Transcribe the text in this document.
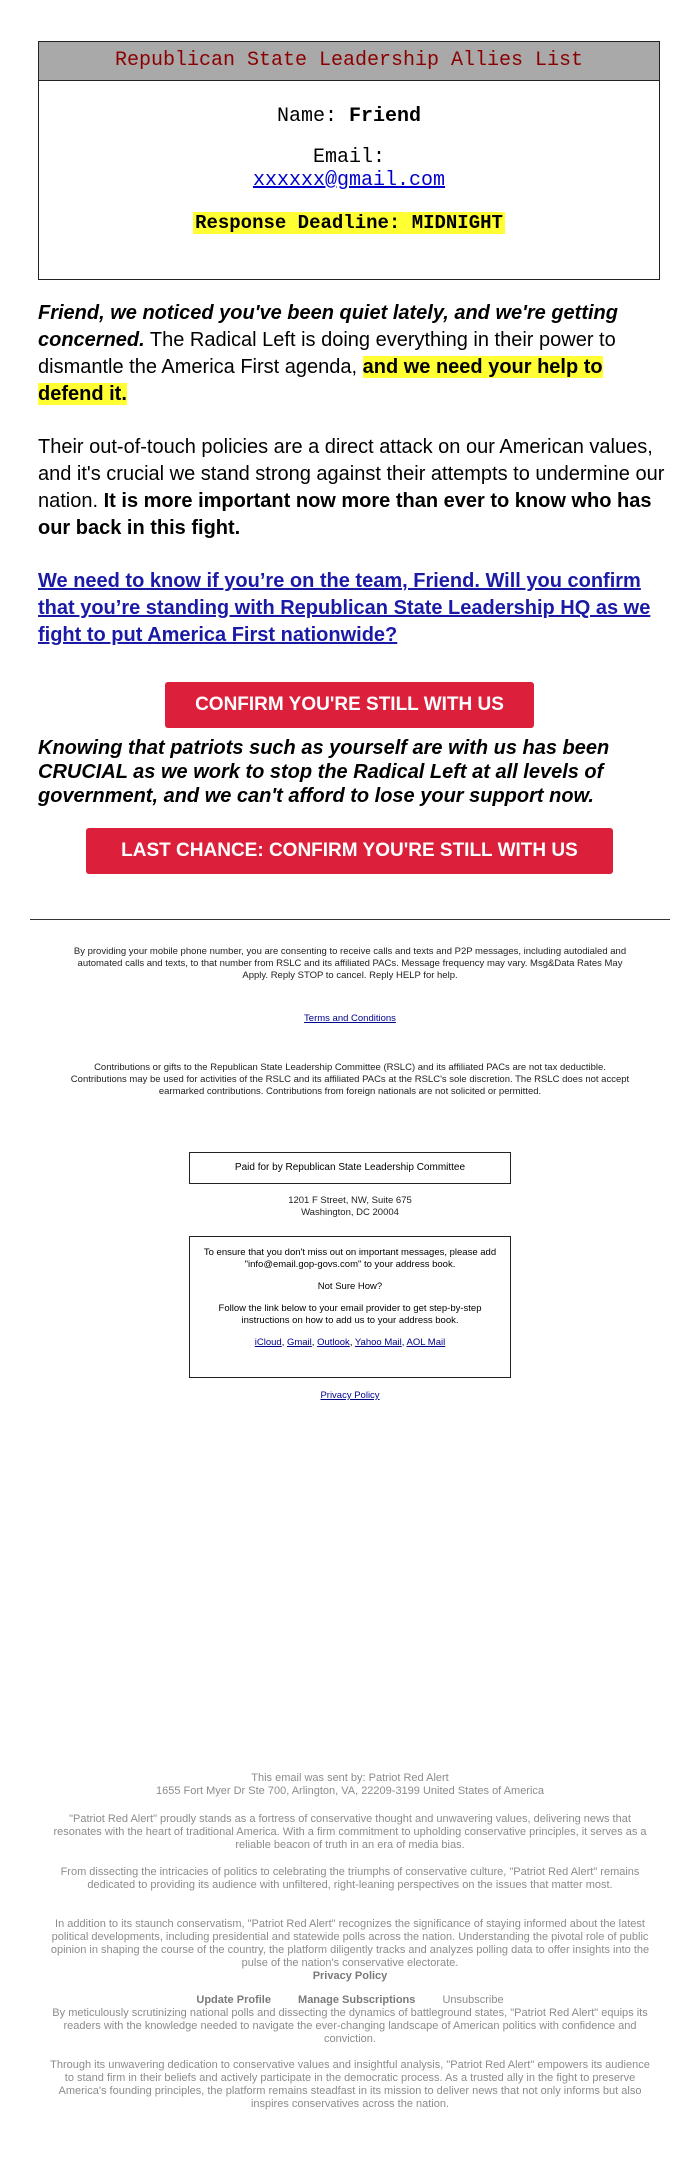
Republican State Leadership Allies List
Name: Friend
Email:
xxxxxx@gmail.com
Response Deadline: MIDNIGHT
Friend, we noticed you've been quiet lately, and we're getting concerned. The Radical Left is doing everything in their power to dismantle the America First agenda, and we need your help to defend it.
Their out-of-touch policies are a direct attack on our American values, and it's crucial we stand strong against their attempts to undermine our nation. It is more important now more than ever to know who has our back in this fight.
We need to know if you’re on the team, Friend. Will you confirm that you’re standing with Republican State Leadership HQ as we fight to put America First nationwide?
CONFIRM YOU'RE STILL WITH US
Knowing that patriots such as yourself are with us has been CRUCIAL as we work to stop the Radical Left at all levels of government, and we can't afford to lose your support now.
LAST CHANCE: CONFIRM YOU'RE STILL WITH US
By providing your mobile phone number, you are consenting to receive calls and texts and P2P messages, including autodialed and automated calls and texts, to that number from RSLC and its affiliated PACs. Message frequency may vary. Msg&Data Rates May Apply. Reply STOP to cancel. Reply HELP for help.
Terms and Conditions
Contributions or gifts to the Republican State Leadership Committee (RSLC) and its affiliated PACs are not tax deductible. Contributions may be used for activities of the RSLC and its affiliated PACs at the RSLC's sole discretion. The RSLC does not accept earmarked contributions. Contributions from foreign nationals are not solicited or permitted.
Paid for by Republican State Leadership Committee
1201 F Street, NW, Suite 675
Washington, DC 20004
To ensure that you don't miss out on important messages, please add "info@email.gop-govs.com" to your address book.
Not Sure How?
Follow the link below to your email provider to get step-by-step instructions on how to add us to your address book.
iCloud, Gmail, Outlook, Yahoo Mail, AOL Mail
Privacy Policy
This email was sent by: Patriot Red Alert
1655 Fort Myer Dr Ste 700, Arlington, VA, 22209-3199 United States of America
"Patriot Red Alert" proudly stands as a fortress of conservative thought and unwavering values, delivering news that resonates with the heart of traditional America. With a firm commitment to upholding conservative principles, it serves as a reliable beacon of truth in an era of media bias.
From dissecting the intricacies of politics to celebrating the triumphs of conservative culture, "Patriot Red Alert" remains dedicated to providing its audience with unfiltered, right-leaning perspectives on the issues that matter most.
In addition to its staunch conservatism, "Patriot Red Alert" recognizes the significance of staying informed about the latest political developments, including presidential and statewide polls across the nation. Understanding the pivotal role of public opinion in shaping the course of the country, the platform diligently tracks and analyzes polling data to offer insights into the pulse of the nation's conservative electorate.
Privacy Policy
Update Profile Manage Subscriptions Unsubscribe
By meticulously scrutinizing national polls and dissecting the dynamics of battleground states, "Patriot Red Alert" equips its readers with the knowledge needed to navigate the ever-changing landscape of American politics with confidence and conviction.
Through its unwavering dedication to conservative values and insightful analysis, "Patriot Red Alert" empowers its audience to stand firm in their beliefs and actively participate in the democratic process. As a trusted ally in the fight to preserve America's founding principles, the platform remains steadfast in its mission to deliver news that not only informs but also inspires conservatives across the nation.
